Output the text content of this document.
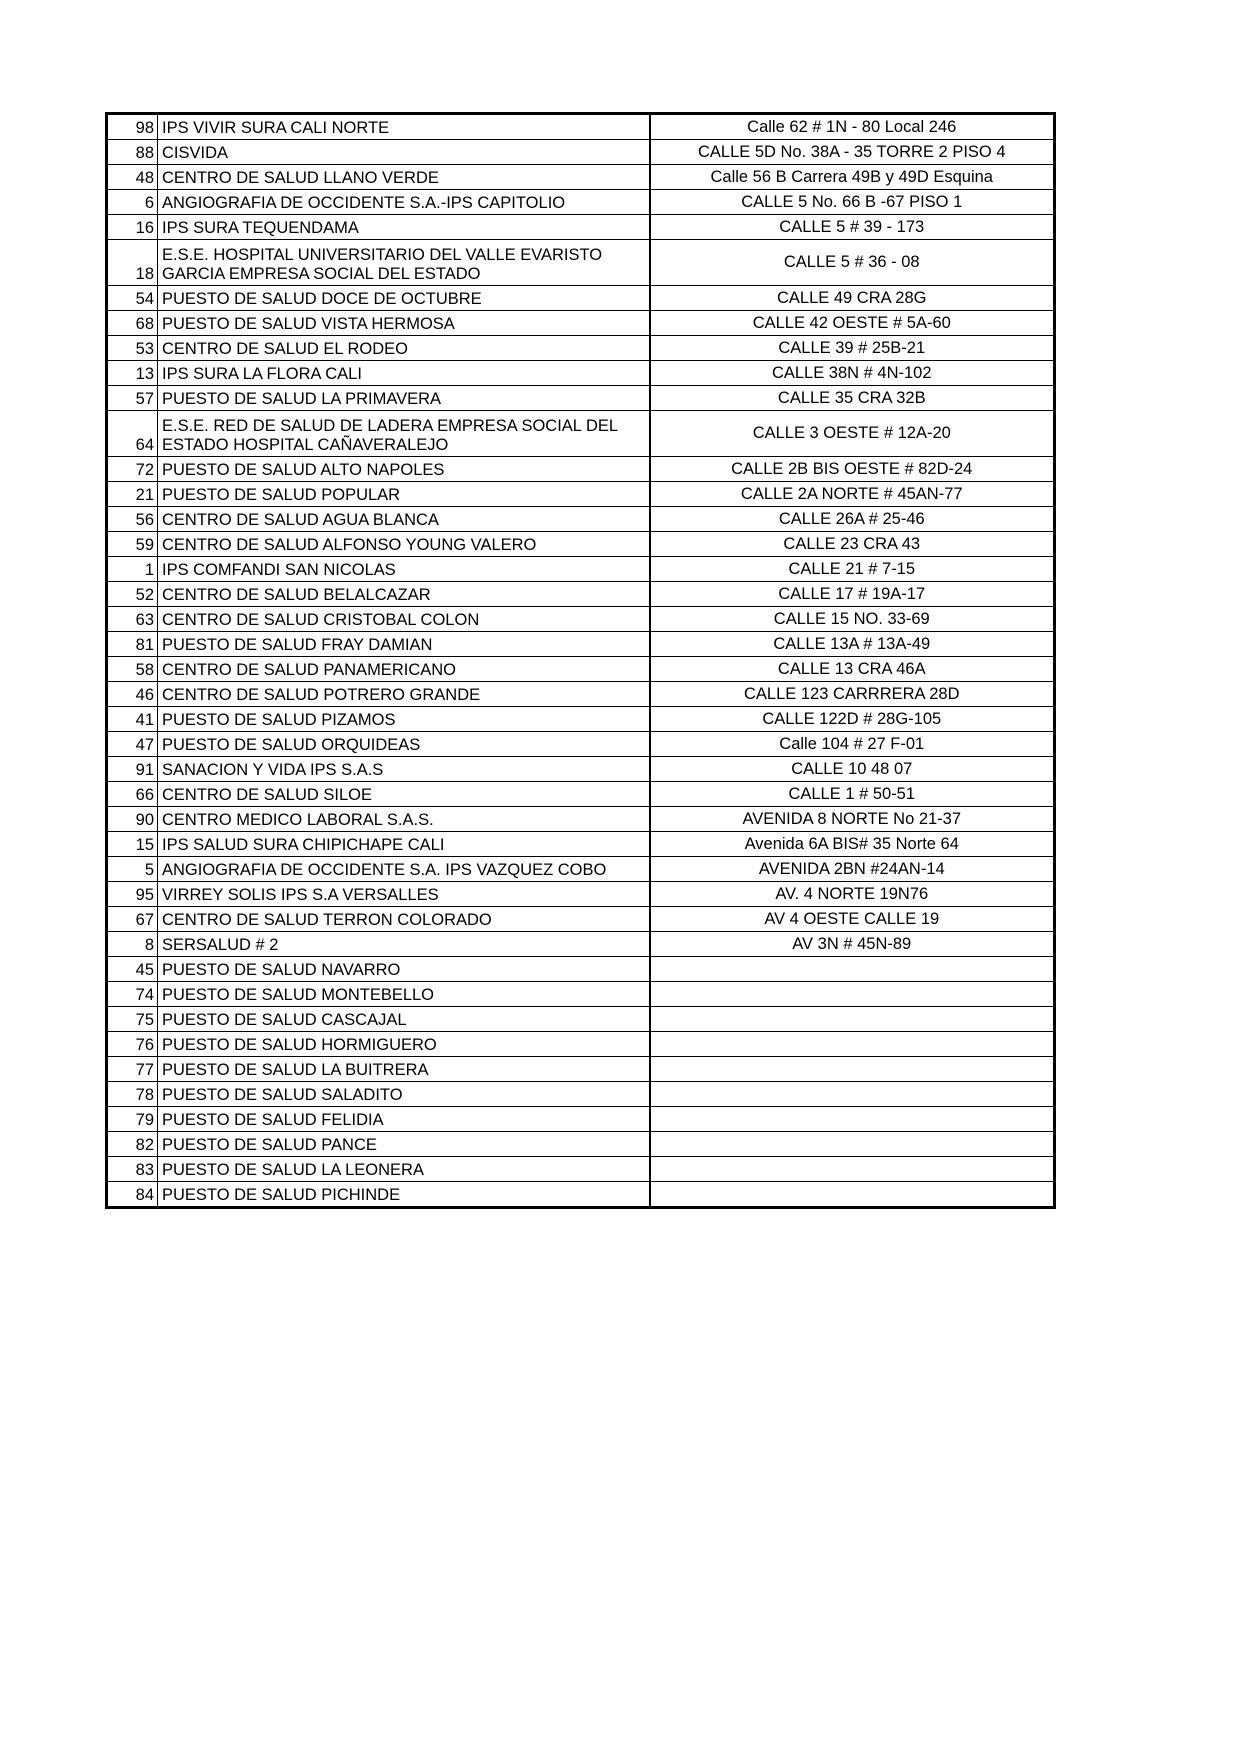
98	IPS VIVIR SURA CALI NORTE	Calle 62 # 1N - 80 Local 246
88	CISVIDA	CALLE 5D No. 38A - 35 TORRE 2 PISO 4
48	CENTRO DE SALUD LLANO VERDE	Calle 56 B Carrera 49B y 49D Esquina
6	ANGIOGRAFIA DE OCCIDENTE S.A.-IPS CAPITOLIO	CALLE 5 No. 66 B -67 PISO 1
16	IPS SURA TEQUENDAMA	CALLE 5 # 39 - 173
18	E.S.E. HOSPITAL UNIVERSITARIO DEL VALLE EVARISTO GARCIA EMPRESA SOCIAL DEL ESTADO	CALLE 5 # 36 - 08
54	PUESTO DE SALUD DOCE DE OCTUBRE	CALLE 49 CRA 28G
68	PUESTO DE SALUD VISTA HERMOSA	CALLE 42 OESTE # 5A-60
53	CENTRO DE SALUD EL RODEO	CALLE 39 # 25B-21
13	IPS SURA LA FLORA CALI	CALLE 38N # 4N-102
57	PUESTO DE SALUD LA PRIMAVERA	CALLE 35 CRA 32B
64	E.S.E. RED DE SALUD DE LADERA EMPRESA SOCIAL DEL ESTADO HOSPITAL CAÑAVERALEJO	CALLE 3 OESTE # 12A-20
72	PUESTO DE SALUD ALTO NAPOLES	CALLE 2B BIS OESTE # 82D-24
21	PUESTO DE SALUD POPULAR	CALLE 2A NORTE # 45AN-77
56	CENTRO DE SALUD AGUA BLANCA	CALLE 26A # 25-46
59	CENTRO DE SALUD ALFONSO YOUNG VALERO	CALLE 23 CRA 43
1	IPS COMFANDI SAN NICOLAS	CALLE 21 # 7-15
52	CENTRO DE SALUD BELALCAZAR	CALLE 17 # 19A-17
63	CENTRO DE SALUD CRISTOBAL COLON	CALLE 15 NO. 33-69
81	PUESTO DE SALUD FRAY DAMIAN	CALLE 13A # 13A-49
58	CENTRO DE SALUD PANAMERICANO	CALLE 13 CRA 46A
46	CENTRO DE SALUD POTRERO GRANDE	CALLE 123 CARRRERA 28D
41	PUESTO DE SALUD PIZAMOS	CALLE 122D # 28G-105
47	PUESTO DE SALUD ORQUIDEAS	Calle 104 # 27 F-01
91	SANACION Y VIDA IPS S.A.S	CALLE 10 48 07
66	CENTRO DE SALUD SILOE	CALLE 1 # 50-51
90	CENTRO MEDICO LABORAL S.A.S.	AVENIDA 8 NORTE No 21-37
15	IPS SALUD SURA CHIPICHAPE CALI	Avenida 6A BIS# 35 Norte 64
5	ANGIOGRAFIA DE OCCIDENTE S.A. IPS VAZQUEZ COBO	AVENIDA 2BN #24AN-14
95	VIRREY SOLIS IPS S.A VERSALLES	AV. 4 NORTE 19N76
67	CENTRO DE SALUD TERRON COLORADO	AV 4 OESTE CALLE 19
8	SERSALUD # 2	AV 3N # 45N-89
45	PUESTO DE SALUD NAVARRO	
74	PUESTO DE SALUD MONTEBELLO	
75	PUESTO DE SALUD CASCAJAL	
76	PUESTO DE SALUD HORMIGUERO	
77	PUESTO DE SALUD LA BUITRERA	
78	PUESTO DE SALUD SALADITO	
79	PUESTO DE SALUD FELIDIA	
82	PUESTO DE SALUD PANCE	
83	PUESTO DE SALUD LA LEONERA	
84	PUESTO DE SALUD PICHINDE	
